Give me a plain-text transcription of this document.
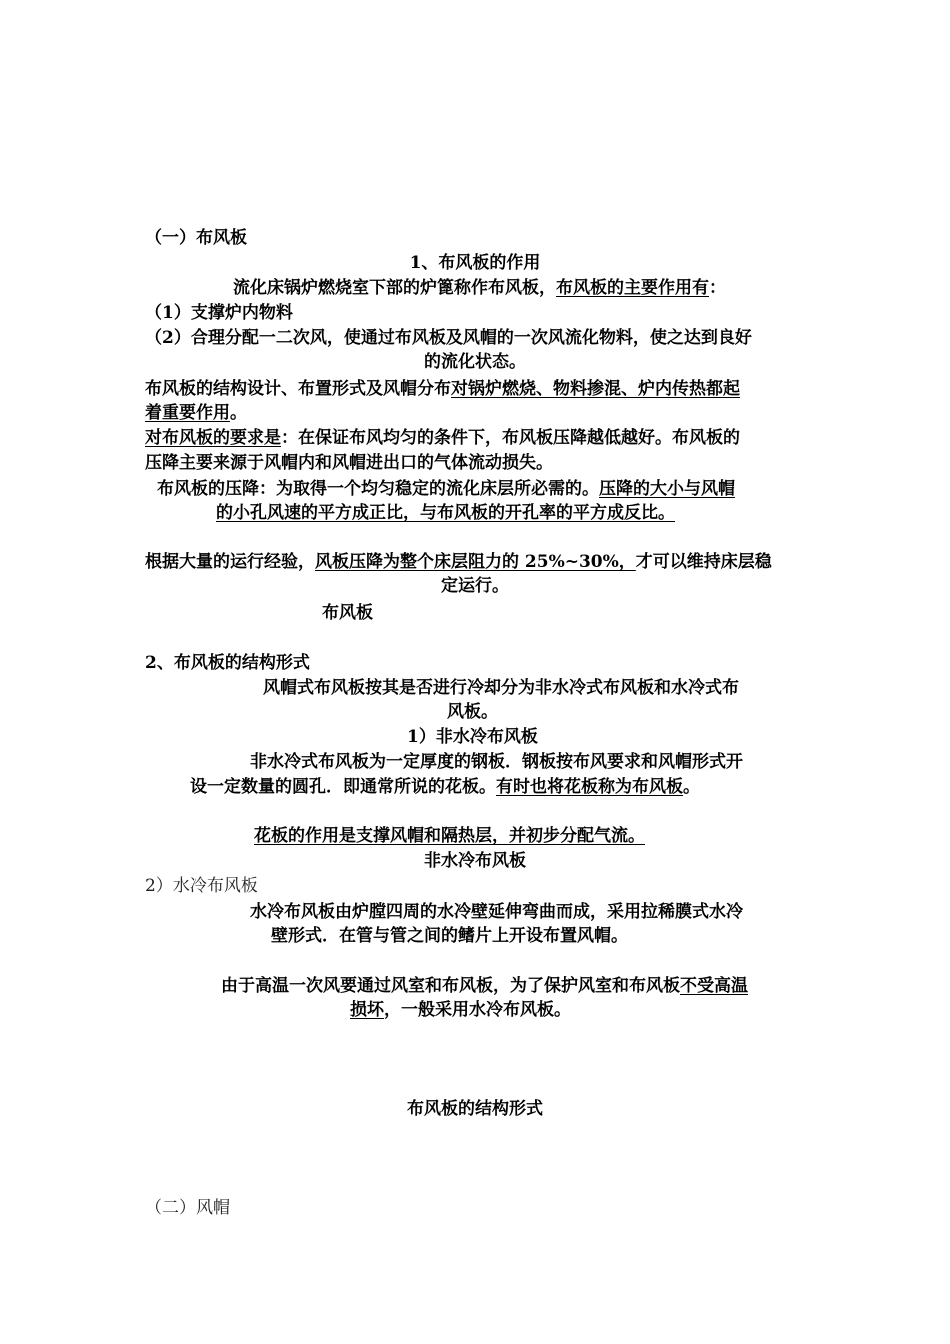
（一）布风板
1、布风板的作用
流化床锅炉燃烧室下部的炉篦称作布风板，布风板的主要作用有：
（1）支撑炉内物料
（2）合理分配一二次风，使通过布风板及风帽的一次风流化物料，使之达到良好
的流化状态。
布风板的结构设计、布置形式及风帽分布对锅炉燃烧、物料掺混、炉内传热都起
着重要作用。
对布风板的要求是：在保证布风均匀的条件下，布风板压降越低越好。布风板的
压降主要来源于风帽内和风帽进出口的气体流动损失。
布风板的压降：为取得一个均匀稳定的流化床层所必需的。压降的大小与风帽
的小孔风速的平方成正比，与布风板的开孔率的平方成反比。
根据大量的运行经验，风板压降为整个床层阻力的 25%~30%，才可以维持床层稳
定运行。
布风板
2、布风板的结构形式
风帽式布风板按其是否进行冷却分为非水冷式布风板和水冷式布
风板。
1）非水冷布风板
非水冷式布风板为一定厚度的钢板．钢板按布风要求和风帽形式开
设一定数量的圆孔．即通常所说的花板。有时也将花板称为布风板。
花板的作用是支撑风帽和隔热层，并初步分配气流。
非水冷布风板
2）水冷布风板
水冷布风板由炉膛四周的水冷壁延伸弯曲而成，采用拉稀膜式水冷
壁形式．在管与管之间的鳍片上开设布置风帽。
由于高温一次风要通过风室和布风板，为了保护风室和布风板不受高温
损坏，一般采用水冷布风板。
布风板的结构形式
（二）风帽
